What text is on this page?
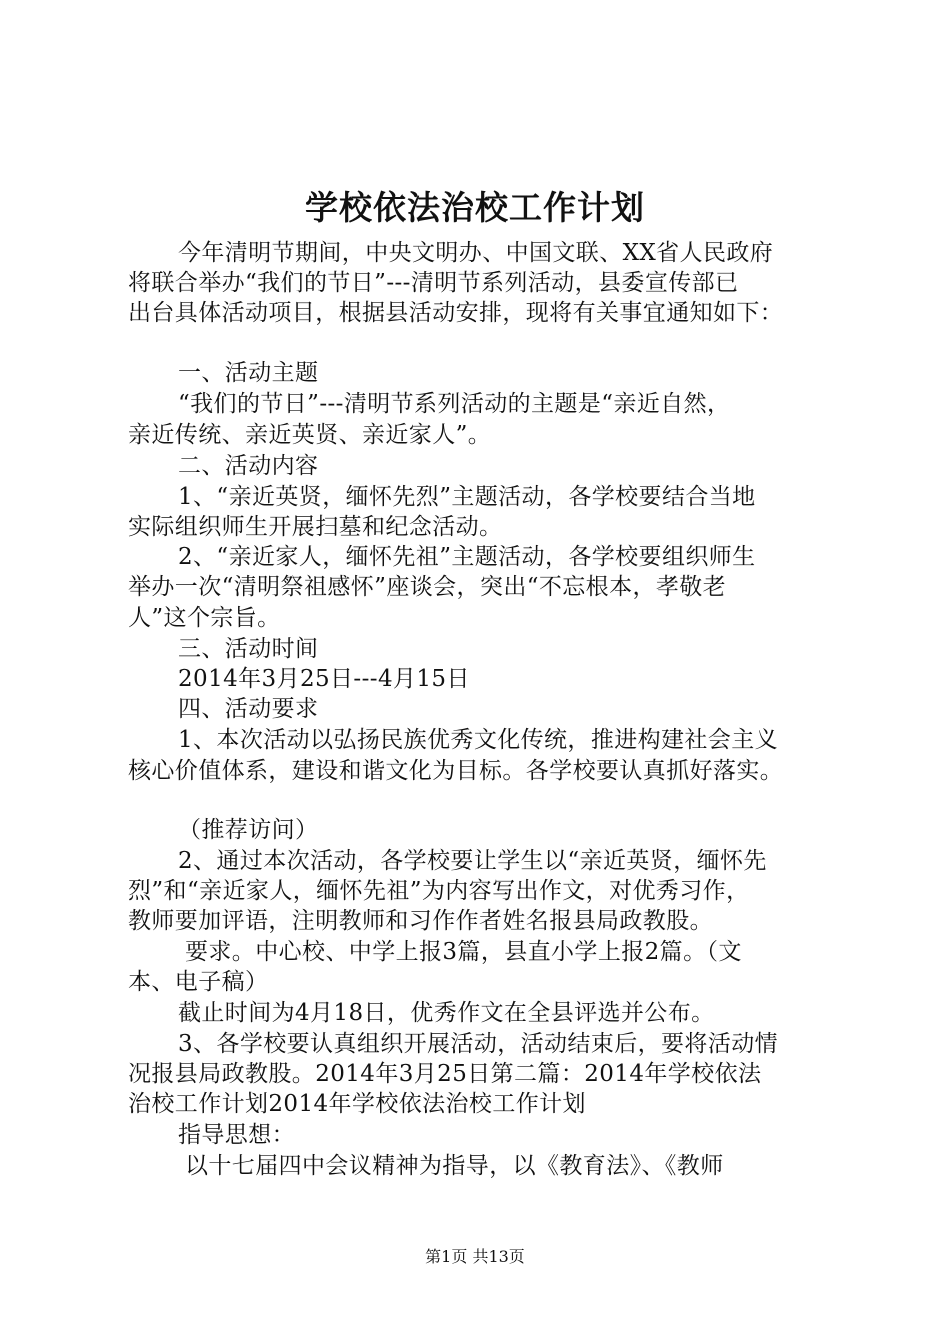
学校依法治校工作计划
今年清明节期间，中央文明办、中国文联、XX省人民政府
将联合举办“我们的节日”---清明节系列活动，县委宣传部已
出台具体活动项目，根据县活动安排，现将有关事宜通知如下：
一、活动主题
“我们的节日”---清明节系列活动的主题是“亲近自然，
亲近传统、亲近英贤、亲近家人”。
二、活动内容
1、“亲近英贤，缅怀先烈”主题活动，各学校要结合当地
实际组织师生开展扫墓和纪念活动。
2、“亲近家人，缅怀先祖”主题活动，各学校要组织师生
举办一次“清明祭祖感怀”座谈会，突出“不忘根本，孝敬老
人”这个宗旨。
三、活动时间
2014年3月25日---4月15日
四、活动要求
1、本次活动以弘扬民族优秀文化传统，推进构建社会主义
核心价值体系，建设和谐文化为目标。各学校要认真抓好落实。
（推荐访问）
2、通过本次活动，各学校要让学生以“亲近英贤，缅怀先
烈”和“亲近家人，缅怀先祖”为内容写出作文，对优秀习作，
教师要加评语，注明教师和习作作者姓名报县局政教股。
要求。中心校、中学上报3篇，县直小学上报2篇。（文
本、电子稿）
截止时间为4月18日，优秀作文在全县评选并公布。
3、各学校要认真组织开展活动，活动结束后，要将活动情
况报县局政教股。2014年3月25日第二篇：2014年学校依法
治校工作计划2014年学校依法治校工作计划
指导思想：
以十七届四中会议精神为指导，以《教育法》、《教师
第1页 共13页
